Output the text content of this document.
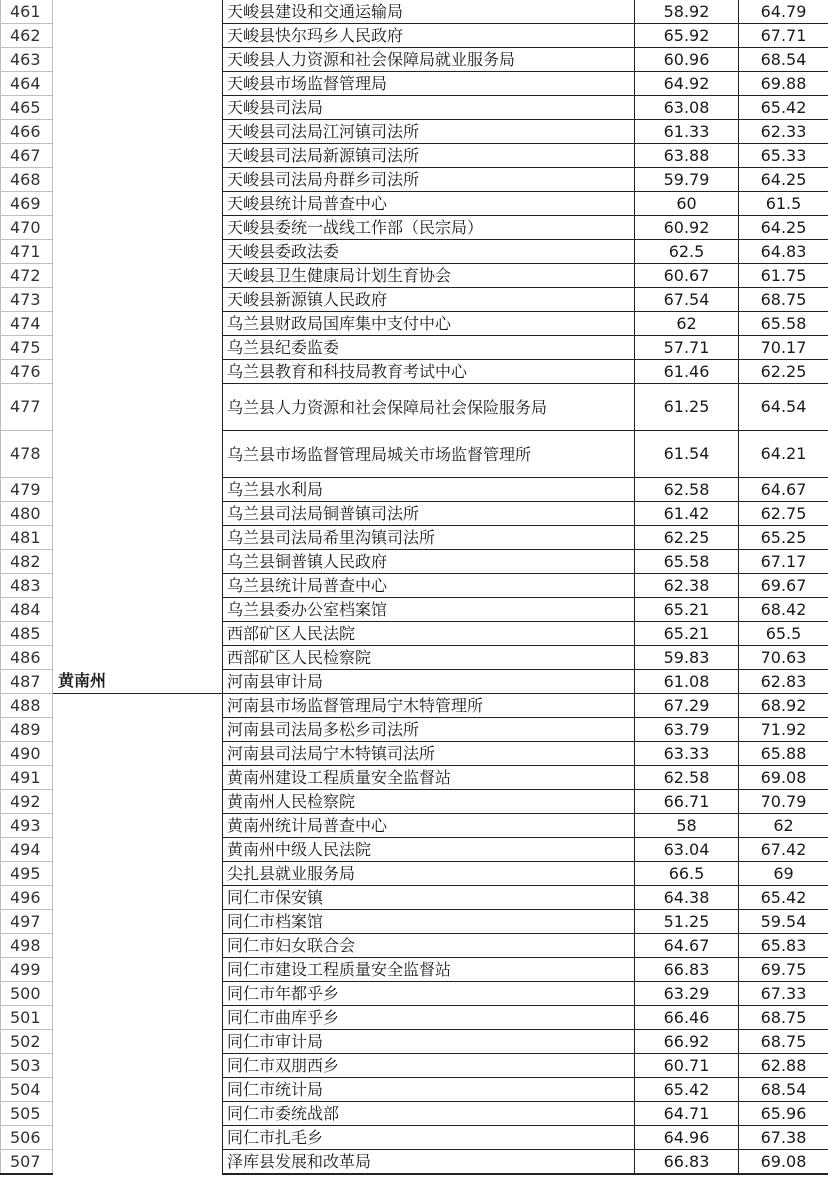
461		天峻县建设和交通运输局	58.92	64.79
462		天峻县快尔玛乡人民政府	65.92	67.71
463		天峻县人力资源和社会保障局就业服务局	60.96	68.54
464		天峻县市场监督管理局	64.92	69.88
465		天峻县司法局	63.08	65.42
466		天峻县司法局江河镇司法所	61.33	62.33
467		天峻县司法局新源镇司法所	63.88	65.33
468		天峻县司法局舟群乡司法所	59.79	64.25
469		天峻县统计局普查中心	60	61.5
470		天峻县委统一战线工作部（民宗局）	60.92	64.25
471		天峻县委政法委	62.5	64.83
472		天峻县卫生健康局计划生育协会	60.67	61.75
473		天峻县新源镇人民政府	67.54	68.75
474		乌兰县财政局国库集中支付中心	62	65.58
475		乌兰县纪委监委	57.71	70.17
476		乌兰县教育和科技局教育考试中心	61.46	62.25
477		乌兰县人力资源和社会保障局社会保险服务局	61.25	64.54
478		乌兰县市场监督管理局城关市场监督管理所	61.54	64.21
479		乌兰县水利局	62.58	64.67
480		乌兰县司法局铜普镇司法所	61.42	62.75
481		乌兰县司法局希里沟镇司法所	62.25	65.25
482		乌兰县铜普镇人民政府	65.58	67.17
483		乌兰县统计局普查中心	62.38	69.67
484		乌兰县委办公室档案馆	65.21	68.42
485		西部矿区人民法院	65.21	65.5
486		西部矿区人民检察院	59.83	70.63
487	黄南州	河南县审计局	61.08	62.83
488		河南县市场监督管理局宁木特管理所	67.29	68.92
489		河南县司法局多松乡司法所	63.79	71.92
490		河南县司法局宁木特镇司法所	63.33	65.88
491		黄南州建设工程质量安全监督站	62.58	69.08
492		黄南州人民检察院	66.71	70.79
493		黄南州统计局普查中心	58	62
494		黄南州中级人民法院	63.04	67.42
495		尖扎县就业服务局	66.5	69
496		同仁市保安镇	64.38	65.42
497		同仁市档案馆	51.25	59.54
498		同仁市妇女联合会	64.67	65.83
499		同仁市建设工程质量安全监督站	66.83	69.75
500		同仁市年都乎乡	63.29	67.33
501		同仁市曲库乎乡	66.46	68.75
502		同仁市审计局	66.92	68.75
503		同仁市双朋西乡	60.71	62.88
504		同仁市统计局	65.42	68.54
505		同仁市委统战部	64.71	65.96
506		同仁市扎毛乡	64.96	67.38
507		泽库县发展和改革局	66.83	69.08
